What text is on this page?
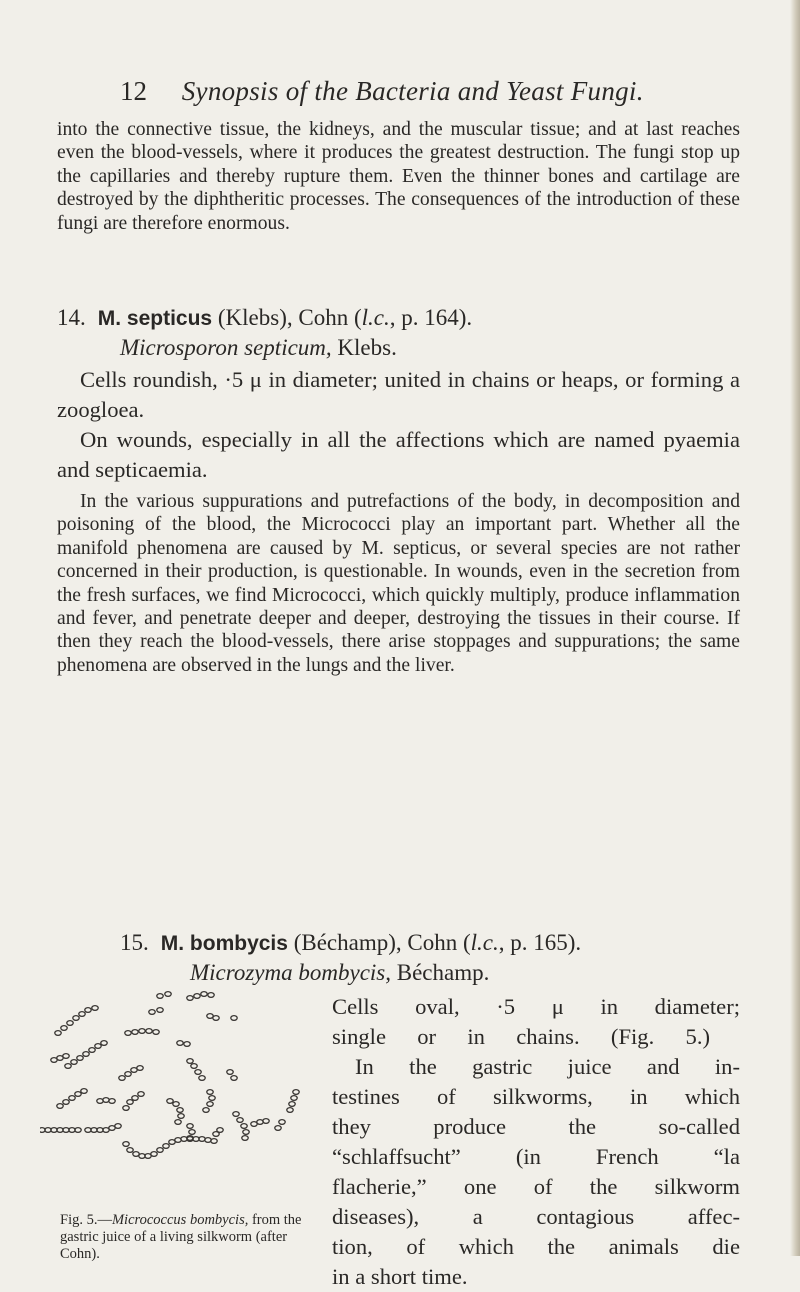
12 Synopsis of the Bacteria and Yeast Fungi.

into the connective tissue, the kidneys, and the muscular tissue; and at last reaches even the blood-vessels, where it produces the greatest destruction. The fungi stop up the capillaries and thereby rupture them. Even the thinner bones and cartilage are destroyed by the diphtheritic processes. The consequences of the introduction of these fungi are therefore enormous.

14. M. septicus (Klebs), Cohn (l.c., p. 164).
Microsporon septicum, Klebs.

Cells roundish, ·5 μ in diameter; united in chains or heaps, or forming a zoogloea.

On wounds, especially in all the affections which are named pyaemia and septicaemia.

In the various suppurations and putrefactions of the body, in decomposition and poisoning of the blood, the Micrococci play an important part. Whether all the manifold phenomena are caused by M. septicus, or several species are not rather concerned in their production, is questionable. In wounds, even in the secretion from the fresh surfaces, we find Micrococci, which quickly multiply, produce inflammation and fever, and penetrate deeper and deeper, destroying the tissues in their course. If then they reach the blood-vessels, there arise stoppages and suppurations; the same phenomena are observed in the lungs and the liver.

15. M. bombycis (Béchamp), Cohn (l.c., p. 165).
Microzyma bombycis, Béchamp.
Fig. 5.—Micrococcus bombycis, from the gastric juice of a living silkworm (after Cohn).
Cells oval, ·5 μ in diameter;
single or in chains. (Fig. 5.)
In the gastric juice and in-
testines of silkworms, in which
they produce the so-called
“schlaffsucht” (in French “la
flacherie,” one of the silkworm
diseases), a contagious affec-
tion, of which the animals die
in a short time.
